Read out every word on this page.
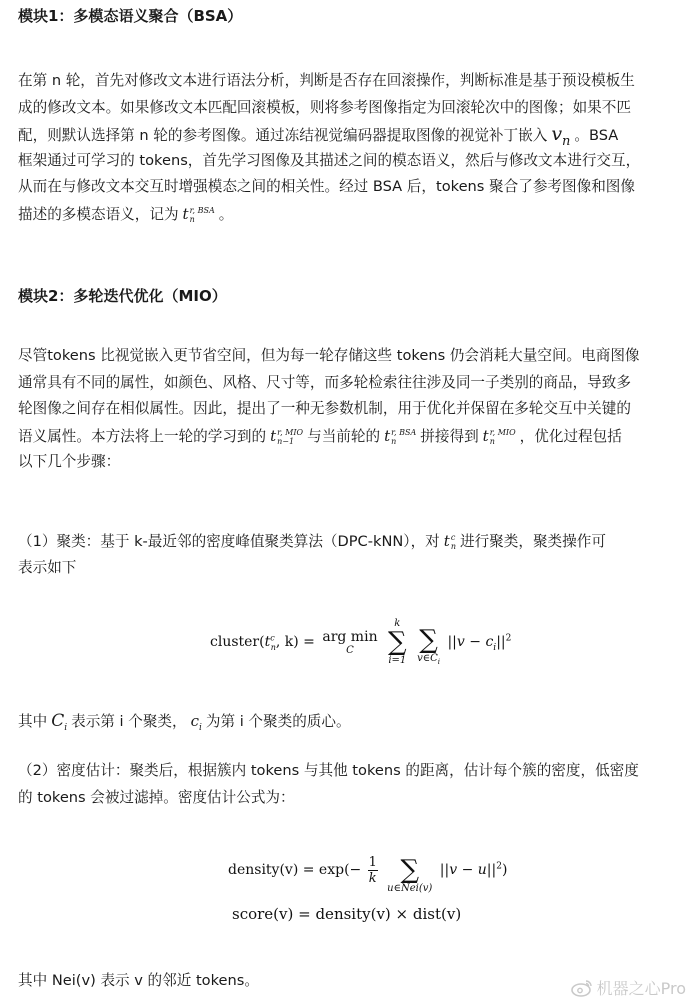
模块1：多模态语义聚合（BSA）
在第 n 轮，首先对修改文本进行语法分析，判断是否存在回滚操作，判断标准是基于预设模板生
成的修改文本。如果修改文本匹配回滚模板，则将参考图像指定为回滚轮次中的图像；如果不匹
配，则默认选择第 n 轮的参考图像。通过冻结视觉编码器提取图像的视觉补丁嵌入 $v_n$ 。BSA
框架通过可学习的 tokens，首先学习图像及其描述之间的模态语义，然后与修改文本进行交互，
从而在与修改文本交互时增强模态之间的相关性。经过 BSA 后，tokens 聚合了参考图像和图像
描述的多模态语义，记为 t r, BSA
n	。
模块2：多轮迭代优化（MIO）
尽管tokens 比视觉嵌入更节省空间，但为每一轮存储这些 tokens 仍会消耗大量空间。电商图像
通常具有不同的属性，如颜色、风格、尺寸等，而多轮检索往往涉及同一子类别的商品，导致多
轮图像之间存在相似属性。因此，提出了一种无参数机制，用于优化并保留在多轮交互中关键的
语义属性。本方法将上一轮的学习到的 t r, MIO
n−1 与当前轮的 t r, BSA
n	拼接得到 t r, MIO
n	，优化过程包括
以下几个步骤：
（1）聚类：基于 k-最近邻的密度峰值聚类算法（DPC-kNN），对 t c
n 进行聚类，聚类操作可
表示如下
$cluster(t^c_n$, k) = arg min
C

k
∑
i=1

∑
$v\in C_i$
$||v - c_i||^2$
其中 $C_i$ 表示第 i 个聚类， $c_i$ 为第 i 个聚类的质心。
（2）密度估计：聚类后，根据簇内 tokens 与其他 tokens 的距离，估计每个簇的密度，低密度
的 tokens 会被过滤掉。密度估计公式为：
density(v) = $\exp(- \frac{1}{k}$

∑
u∈Nei(v)
$||v - u||^2$)
score(v) = density(v) × dist(v)
其中 Nei(v) 表示 v 的邻近 tokens。	机器之心Pro
